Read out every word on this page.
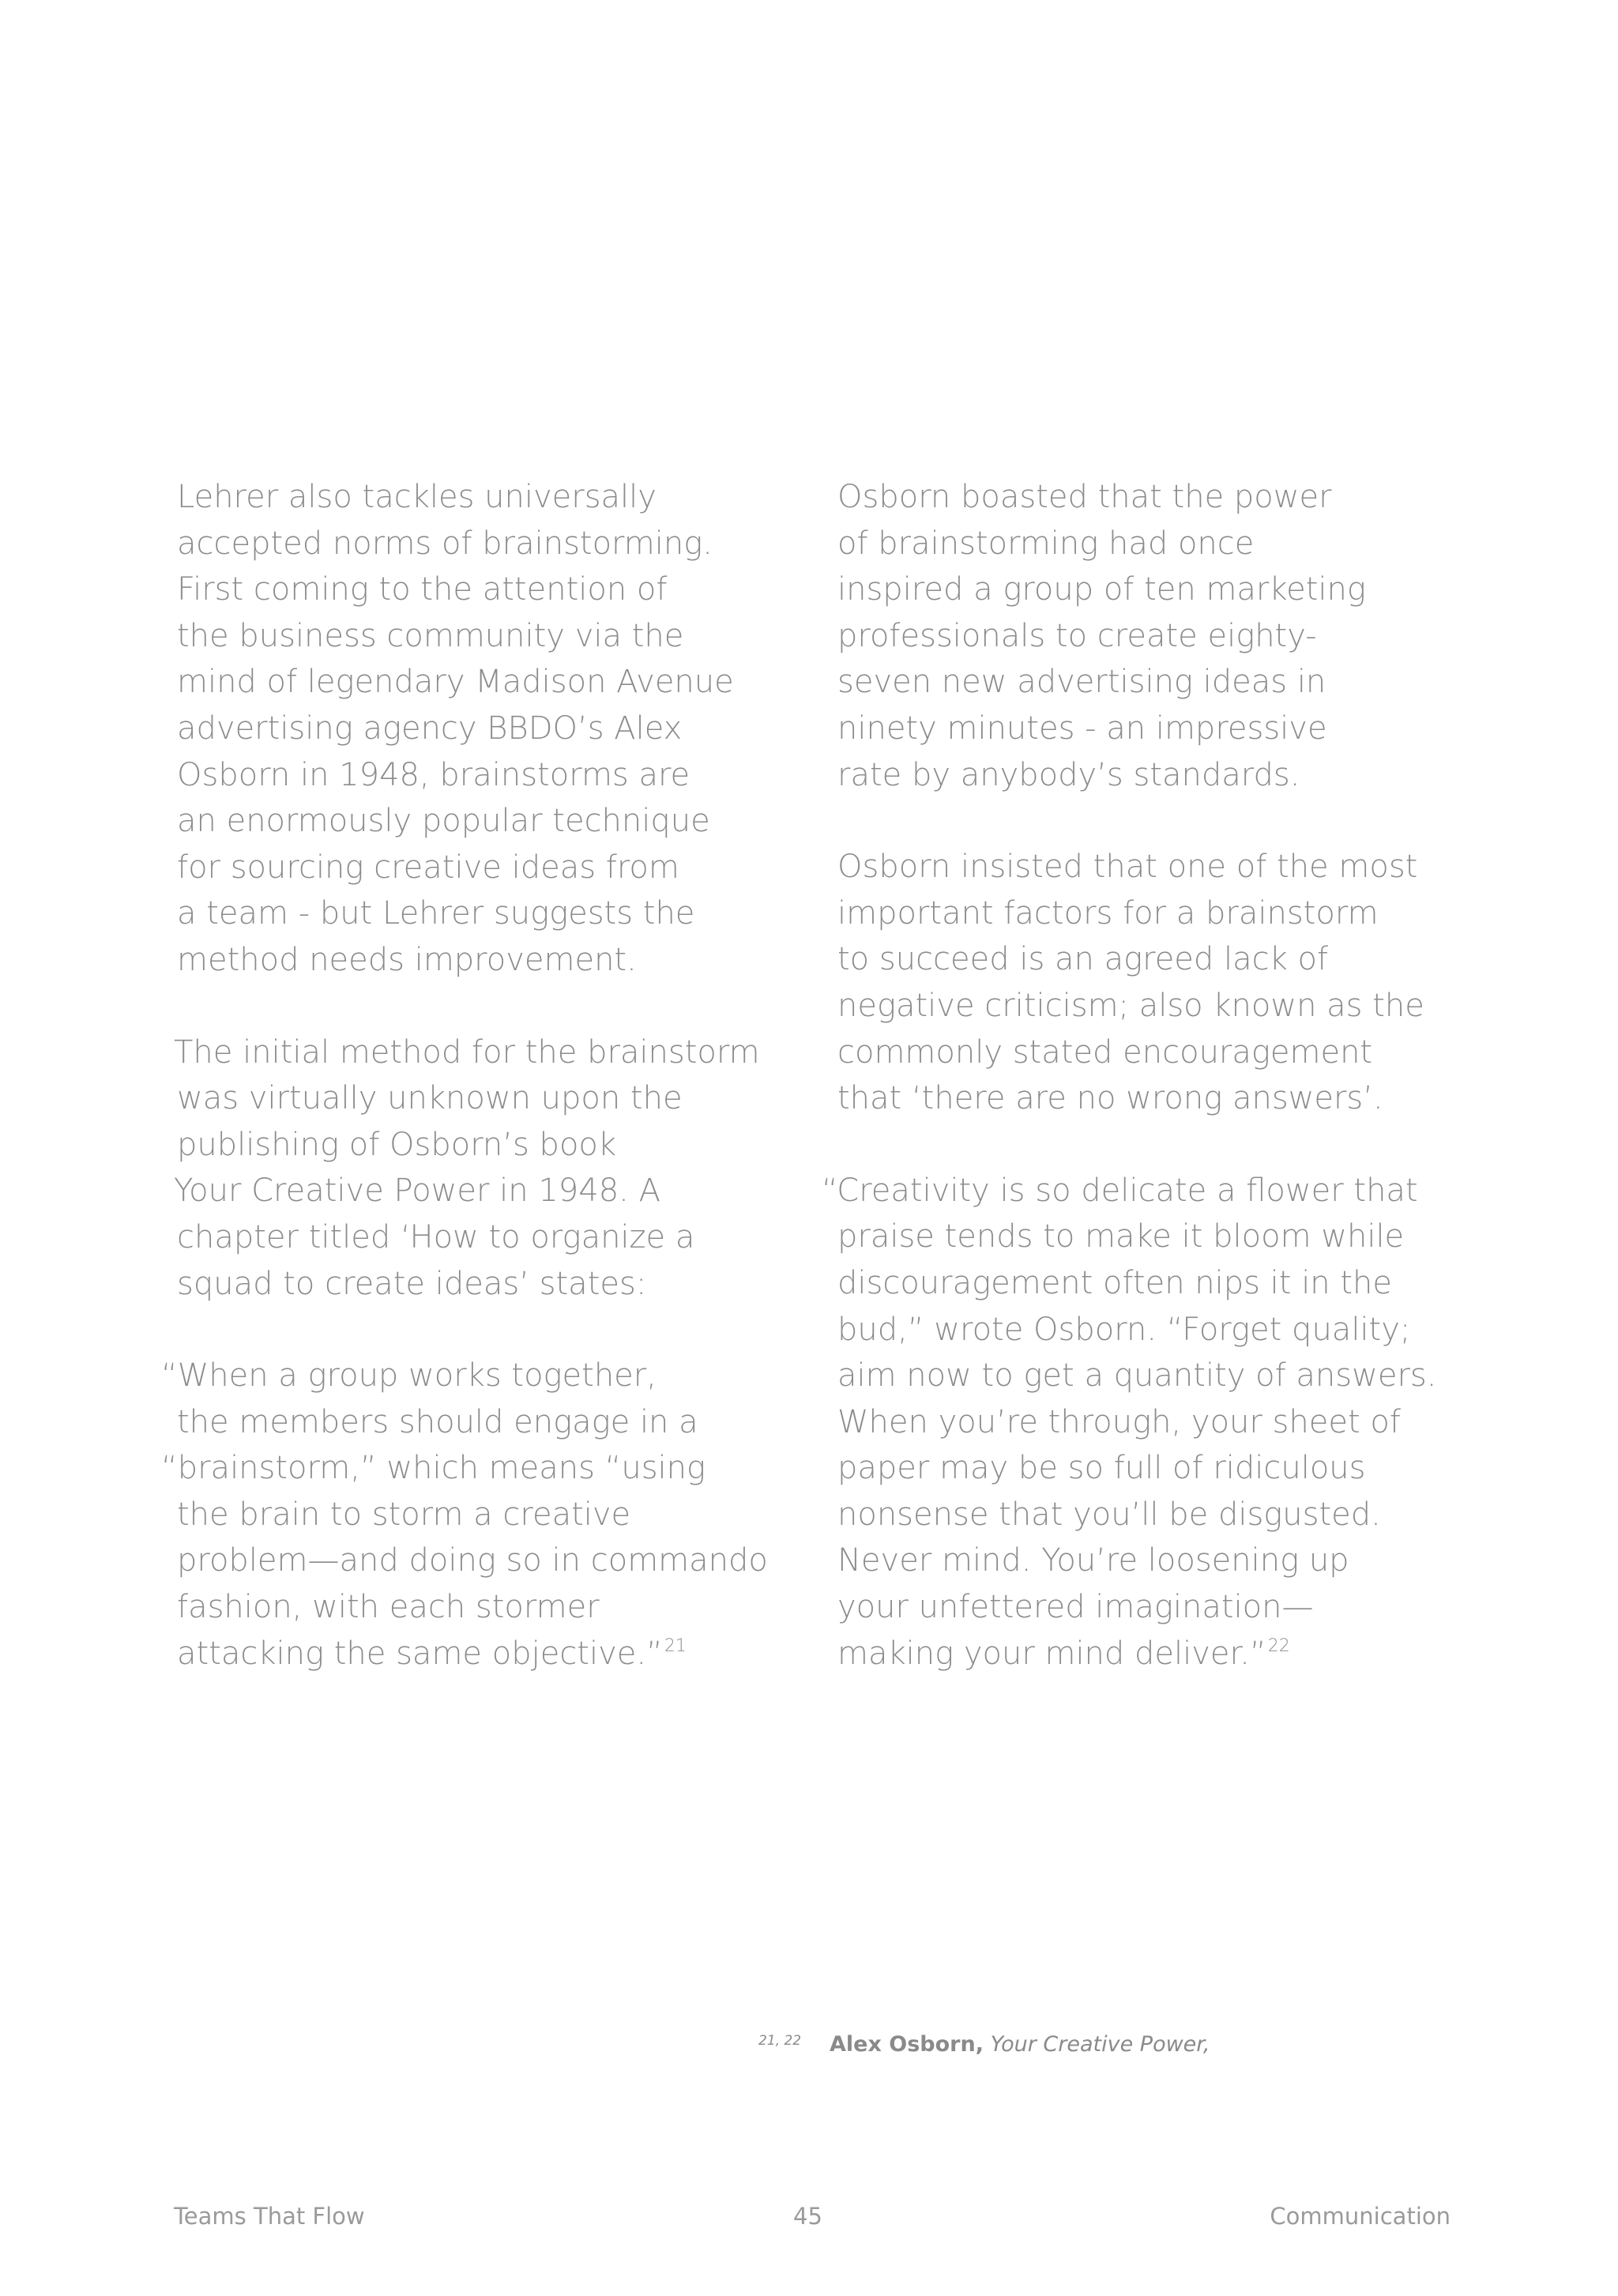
Lehrer also tackles universally
accepted norms of brainstorming.
First coming to the attention of
the business community via the
mind of legendary Madison Avenue
advertising agency BBDO’s Alex
Osborn in 1948, brainstorms are
an enormously popular technique
for sourcing creative ideas from
a team - but Lehrer suggests the
method needs improvement.

The initial method for the brainstorm
was virtually unknown upon the
publishing of Osborn’s book
Your Creative Power in 1948. A
chapter titled ‘How to organize a
squad to create ideas’ states:

“When a group works together,
the members should engage in a
“brainstorm,” which means “using
the brain to storm a creative
problem—and doing so in commando
fashion, with each stormer
attacking the same objective.”$^{21}$

Osborn boasted that the power
of brainstorming had once
inspired a group of ten marketing
professionals to create eighty-
seven new advertising ideas in
ninety minutes - an impressive
rate by anybody’s standards.

Osborn insisted that one of the most
important factors for a brainstorm
to succeed is an agreed lack of
negative criticism; also known as the
commonly stated encouragement
that ‘there are no wrong answers’.

“Creativity is so delicate a flower that
praise tends to make it bloom while
discouragement often nips it in the
bud,” wrote Osborn. “Forget quality;
aim now to get a quantity of answers.
When you’re through, your sheet of
paper may be so full of ridiculous
nonsense that you’ll be disgusted.
Never mind. You’re loosening up
your unfettered imagination—
making your mind deliver.”$^{22}$

21, 22 Alex Osborn, Your Creative Power,
Teams That Flow	45	Communication
